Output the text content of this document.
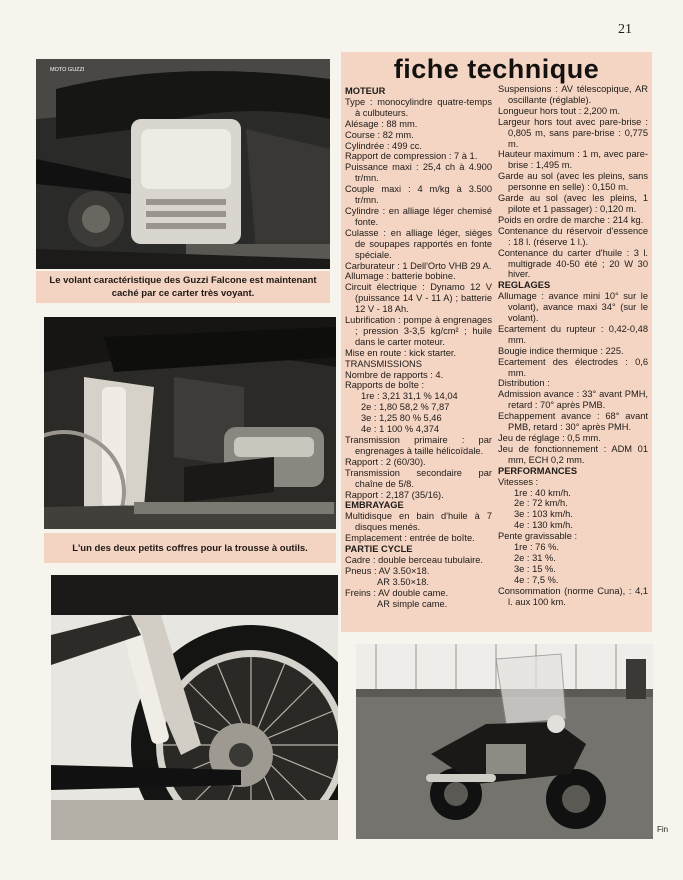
21
MOTO GUZZI
Le volant caractéristique des Guzzi Falcone est maintenant caché par ce carter très voyant.
L'un des deux petits coffres pour la trousse à outils.
fiche technique

MOTEUR

Type : monocylindre quatre-temps à culbuteurs.

Alésage : 88 mm.

Course : 82 mm.

Cylindrée : 499 cc.

Rapport de compression : 7 à 1.

Puissance maxi : 25,4 ch à 4.900 tr/mn.

Couple maxi : 4 m/kg à 3.500 tr/mn.

Cylindre : en alliage léger chemisé fonte.

Culasse : en alliage léger, sièges de soupapes rapportés en fonte spéciale.

Carburateur : 1 Dell'Orto VHB 29 A.

Allumage : batterie bobine.

Circuit électrique : Dynamo 12 V (puissance 14 V - 11 A) ; batterie 12 V - 18 Ah.

Lubrification : pompe à engrenages ; pression 3-3,5 kg/cm² ; huile dans le carter moteur.

Mise en route : kick starter.

TRANSMISSIONS

Nombre de rapports : 4.

Rapports de boîte :

1re : 3,21 31,1 % 14,04

2e : 1,80 58,2 % 7,87

3e : 1,25 80 % 5,46

4e : 1 100 % 4,374

Transmission primaire : par engrenages à taille hélicoïdale.

Rapport : 2 (60/30).

Transmission secondaire par chaîne de 5/8.

Rapport : 2,187 (35/16).

EMBRAYAGE

Multidisque en bain d'huile à 7 disques menés.

Emplacement : entrée de boîte.

PARTIE CYCLE

Cadre : double berceau tubulaire.

Pneus : AV 3.50×18.

AR 3.50×18.

Freins : AV double came.

AR simple came.

Suspensions : AV télescopique, AR oscillante (réglable).

Longueur hors tout : 2,200 m.

Largeur hors tout avec pare-brise : 0,805 m, sans pare-brise : 0,775 m.

Hauteur maximum : 1 m, avec pare-brise : 1,495 m.

Garde au sol (avec les pleins, sans personne en selle) : 0,150 m.

Garde au sol (avec les pleins, 1 pilote et 1 passager) : 0,120 m.

Poids en ordre de marche : 214 kg.

Contenance du réservoir d'essence : 18 l. (réserve 1 l.).

Contenance du carter d'huile : 3 l. multigrade 40-50 été ; 20 W 30 hiver.

REGLAGES

Allumage : avance mini 10° sur le volant), avance maxi 34° (sur le volant).

Ecartement du rupteur : 0,42-0,48 mm.

Bougie indice thermique : 225.

Ecartement des électrodes : 0,6 mm.

Distribution :

Admission avance : 33° avant PMH, retard : 70° après PMB.

Echappement avance : 68° avant PMB, retard : 30° après PMH.

Jeu de réglage : 0,5 mm.

Jeu de fonctionnement : ADM 01 mm, ECH 0,2 mm.

PERFORMANCES

Vitesses :

1re : 40 km/h.

2e : 72 km/h.

3e : 103 km/h.

4e : 130 km/h.

Pente gravissable :

1re : 76 %.

2e : 31 %.

3e : 15 %.

4e : 7,5 %.

Consommation (norme Cuna), : 4,1 l. aux 100 km.

Fin
